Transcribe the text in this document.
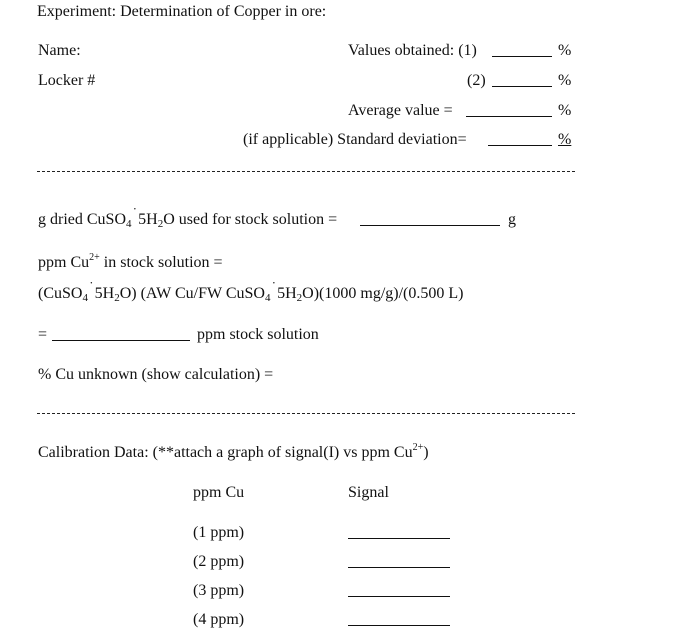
Experiment: Determination of Copper in ore:
Name:	Values obtained: (1)	%
Locker #	(2)	%
Average value =	%
(if applicable) Standard deviation=	%
g dried $CuSO_4˙5H_2O$ used for stock solution =	g
ppm $Cu^{2+}$ in stock solution =
$(CuSO_4˙5H_2O)$ (AW Cu/FW $CuSO_4˙5H_2O)(1000$ mg/g)/(0.500 L)
=	ppm stock solution
% Cu unknown (show calculation) =
Calibration Data: (**attach a graph of signal(I) vs ppm $Cu^{2+}$)
ppm Cu	Signal
(1 ppm)
(2 ppm)
(3 ppm)
(4 ppm)
